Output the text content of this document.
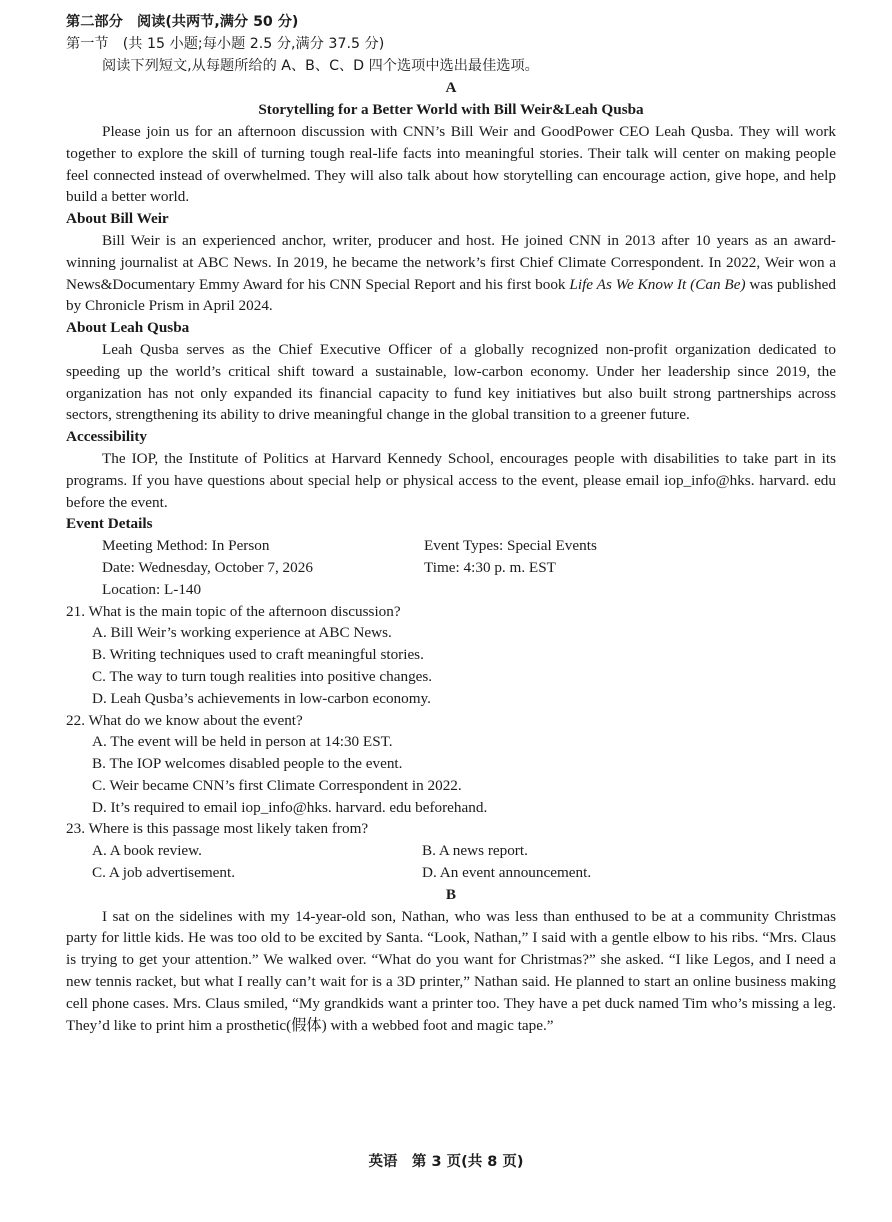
第二部分　阅读(共两节,满分 50 分)
第一节　(共 15 小题;每小题 2.5 分,满分 37.5 分)
阅读下列短文,从每题所给的 A、B、C、D 四个选项中选出最佳选项。
A
Storytelling for a Better World with Bill Weir&Leah Qusba

Please join us for an afternoon discussion with CNN’s Bill Weir and GoodPower CEO Leah Qusba. They will work together to explore the skill of turning tough real-life facts into meaningful stories. Their talk will center on making people feel connected instead of overwhelmed. They will also talk about how storytelling can encourage action, give hope, and help build a better world.

About Bill Weir

Bill Weir is an experienced anchor, writer, producer and host. He joined CNN in 2013 after 10 years as an award-winning journalist at ABC News. In 2019, he became the network’s first Chief Climate Correspondent. In 2022, Weir won a News&Documentary Emmy Award for his CNN Special Report and his first book Life As We Know It (Can Be) was published by Chronicle Prism in April 2024.

About Leah Qusba

Leah Qusba serves as the Chief Executive Officer of a globally recognized non-profit organization dedicated to speeding up the world’s critical shift toward a sustainable, low-carbon economy. Under her leadership since 2019, the organization has not only expanded its financial capacity to fund key initiatives but also built strong partnerships across sectors, strengthening its ability to drive meaningful change in the global transition to a greener future.

Accessibility

The IOP, the Institute of Politics at Harvard Kennedy School, encourages people with disabilities to take part in its programs. If you have questions about special help or physical access to the event, please email iop_info@hks. harvard. edu before the event.

Event Details
Meeting Method: In Person	Event Types: Special Events
Date: Wednesday, October 7, 2026	Time: 4:30 p. m. EST
Location: L-140
21. What is the main topic of the afternoon discussion?
A. Bill Weir’s working experience at ABC News.
B. Writing techniques used to craft meaningful stories.
C. The way to turn tough realities into positive changes.
D. Leah Qusba’s achievements in low-carbon economy.
22. What do we know about the event?
A. The event will be held in person at 14:30 EST.
B. The IOP welcomes disabled people to the event.
C. Weir became CNN’s first Climate Correspondent in 2022.
D. It’s required to email iop_info@hks. harvard. edu beforehand.
23. Where is this passage most likely taken from?
A. A book review.	B. A news report.
C. A job advertisement.	D. An event announcement.
B

I sat on the sidelines with my 14-year-old son, Nathan, who was less than enthused to be at a community Christmas party for little kids. He was too old to be excited by Santa. “Look, Nathan,” I said with a gentle elbow to his ribs. “Mrs. Claus is trying to get your attention.” We walked over. “What do you want for Christmas?” she asked. “I like Legos, and I need a new tennis racket, but what I really can’t wait for is a 3D printer,” Nathan said. He planned to start an online business making cell phone cases. Mrs. Claus smiled, “My grandkids want a printer too. They have a pet duck named Tim who’s missing a leg. They’d like to print him a prosthetic(假体) with a webbed foot and magic tape.”

英语　第 3 页(共 8 页)
